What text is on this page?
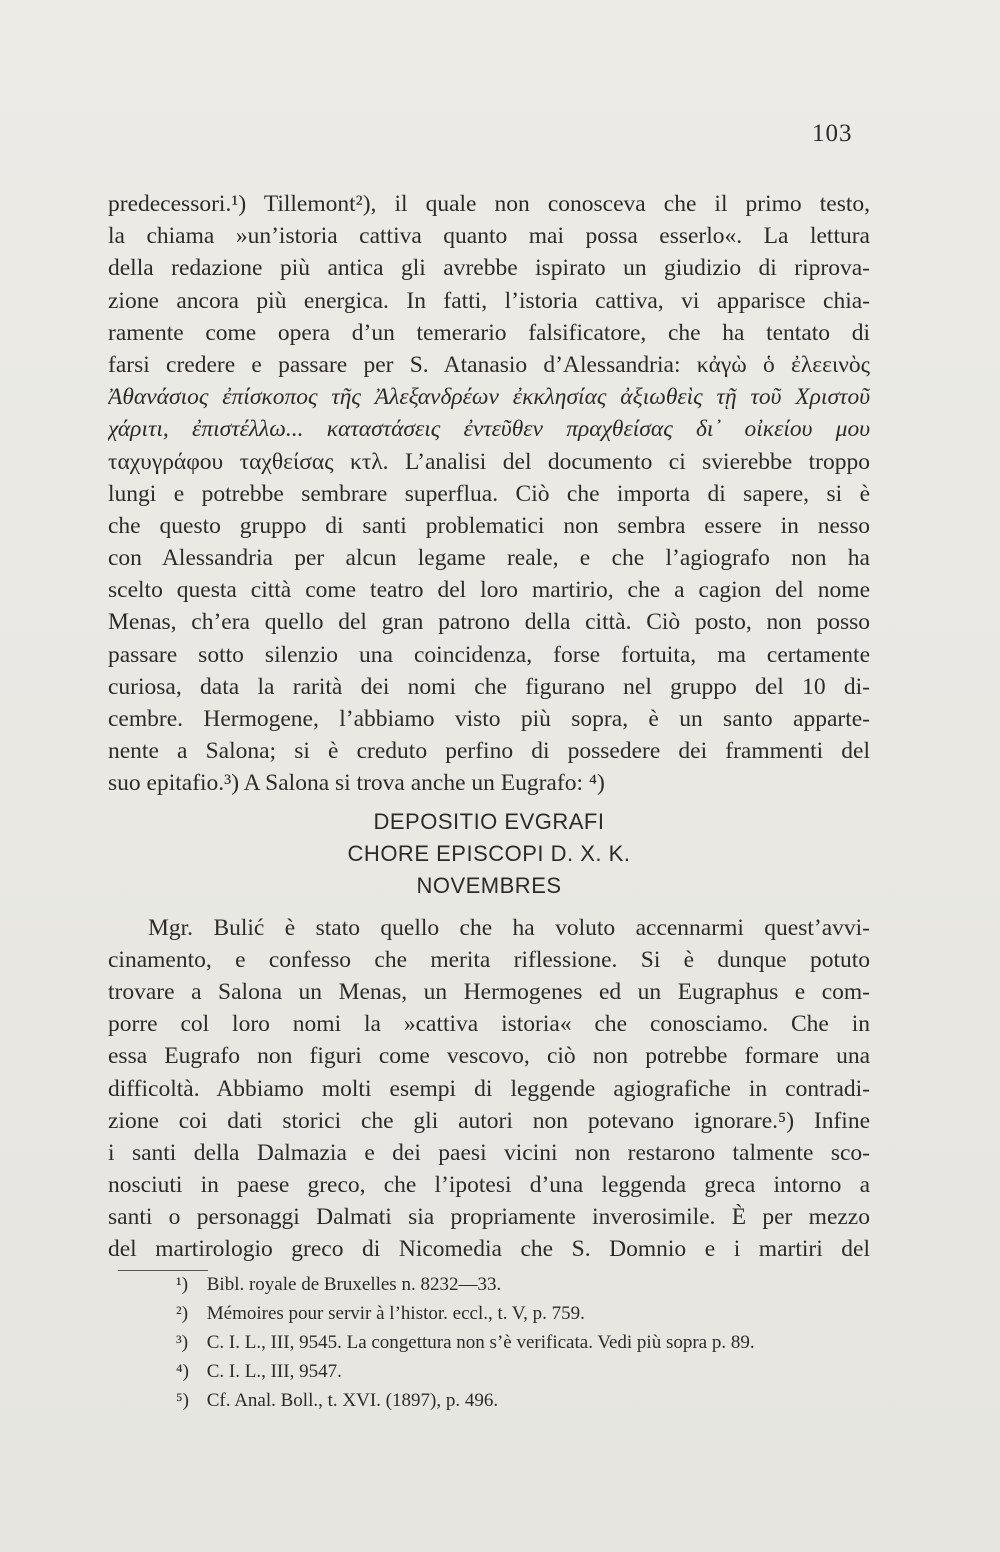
103
predecessori.¹) Tillemont²), il quale non conosceva che il primo testo,
la chiama »un’istoria cattiva quanto mai possa esserlo«. La lettura
della redazione più antica gli avrebbe ispirato un giudizio di riprova-
zione ancora più energica. In fatti, l’istoria cattiva, vi apparisce chia-
ramente come opera d’un temerario falsificatore, che ha tentato di
farsi credere e passare per S. Atanasio d’Alessandria: κἀγὼ ὁ ἐλεεινὸς
Ἀθανάσιος ἐπίσκοπος τῆς Ἀλεξανδρέων ἐκκλησίας ἀξιωθεὶς τῇ τοῦ Χριστοῦ
χάριτι, ἐπιστέλλω... καταστάσεις ἐντεῦθεν πραχθείσας δι᾽ οἰκείου μου
ταχυγράφου ταχθείσας κτλ. L’analisi del documento ci svierebbe troppo
lungi e potrebbe sembrare superflua. Ciò che importa di sapere, si è
che questo gruppo di santi problematici non sembra essere in nesso
con Alessandria per alcun legame reale, e che l’agiografo non ha
scelto questa città come teatro del loro martirio, che a cagion del nome
Menas, ch’era quello del gran patrono della città. Ciò posto, non posso
passare sotto silenzio una coincidenza, forse fortuita, ma certamente
curiosa, data la rarità dei nomi che figurano nel gruppo del 10 di-
cembre. Hermogene, l’abbiamo visto più sopra, è un santo apparte-
nente a Salona; si è creduto perfino di possedere dei frammenti del
suo epitafio.³) A Salona si trova anche un Eugrafo: ⁴)
DEPOSITIO EVGRAFI
CHORE EPISCOPI D. X. K.
NOVEMBRES
Mgr. Bulić è stato quello che ha voluto accennarmi quest’avvi-
cinamento, e confesso che merita riflessione. Si è dunque potuto
trovare a Salona un Menas, un Hermogenes ed un Eugraphus e com-
porre col loro nomi la »cattiva istoria« che conosciamo. Che in
essa Eugrafo non figuri come vescovo, ciò non potrebbe formare una
difficoltà. Abbiamo molti esempi di leggende agiografiche in contradi-
zione coi dati storici che gli autori non potevano ignorare.⁵) Infine
i santi della Dalmazia e dei paesi vicini non restarono talmente sco-
nosciuti in paese greco, che l’ipotesi d’una leggenda greca intorno a
santi o personaggi Dalmati sia propriamente inverosimile. È per mezzo
del martirologio greco di Nicomedia che S. Domnio e i martiri del
¹) Bibl. royale de Bruxelles n. 8232—33.
²) Mémoires pour servir à l’histor. eccl., t. V, p. 759.
³) C. I. L., III, 9545. La congettura non s’è verificata. Vedi più sopra p. 89.
⁴) C. I. L., III, 9547.
⁵) Cf. Anal. Boll., t. XVI. (1897), p. 496.
